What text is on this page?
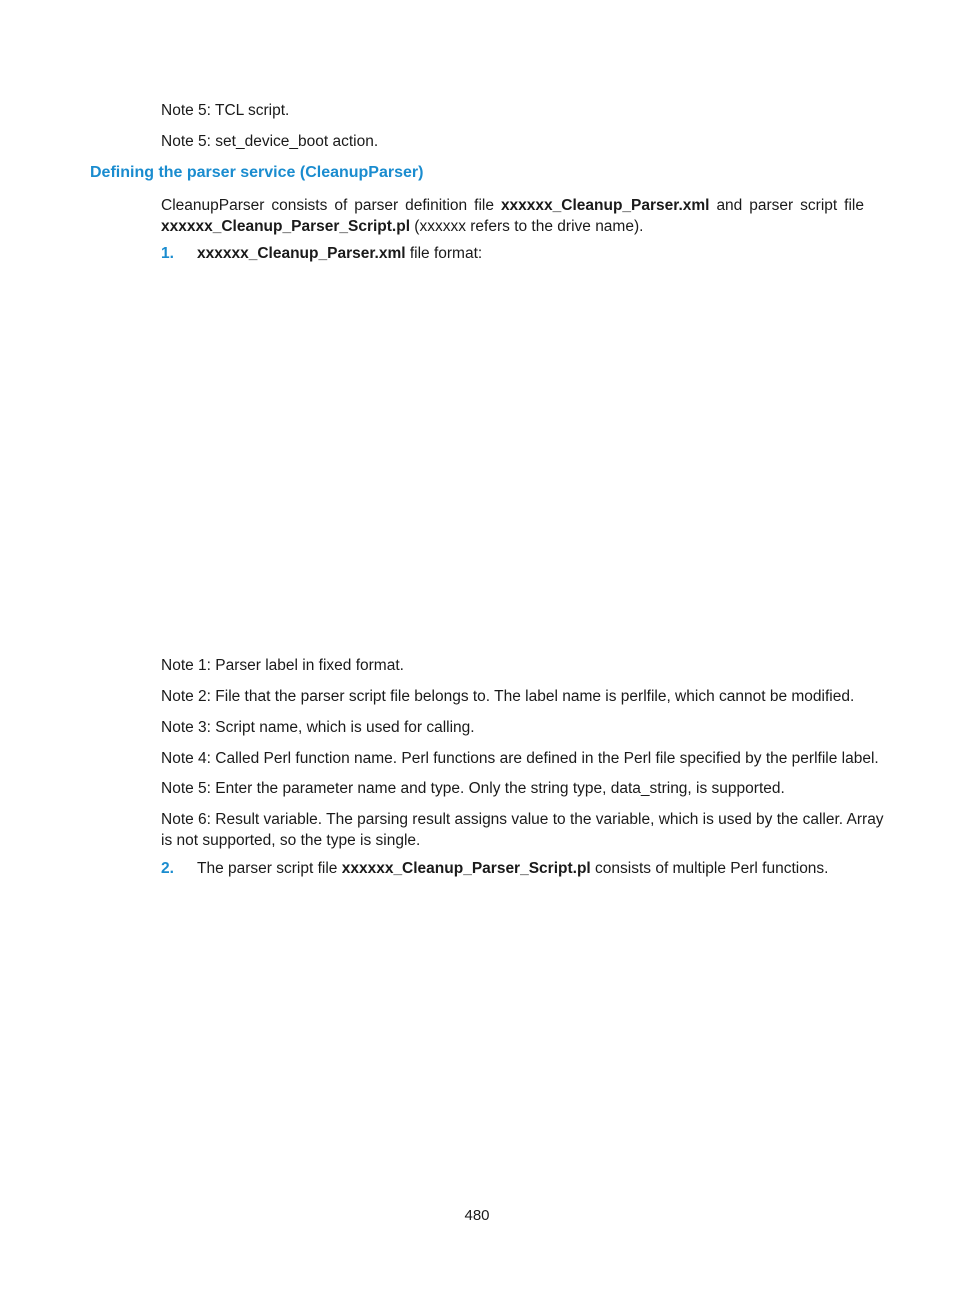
Note 5: TCL script.
Note 5: set_device_boot action.
Defining the parser service (CleanupParser)
CleanupParser consists of parser definition file xxxxxx_Cleanup_Parser.xml and parser script file
xxxxxx_Cleanup_Parser_Script.pl (xxxxxx refers to the drive name).
1. xxxxxx_Cleanup_Parser.xml file format:
Note 1: Parser label in fixed format.
Note 2: File that the parser script file belongs to. The label name is perlfile, which cannot be modified.
Note 3: Script name, which is used for calling.
Note 4: Called Perl function name. Perl functions are defined in the Perl file specified by the perlfile label.
Note 5: Enter the parameter name and type. Only the string type, data_string, is supported.
Note 6: Result variable. The parsing result assigns value to the variable, which is used by the caller. Array
is not supported, so the type is single.
2. The parser script file xxxxxx_Cleanup_Parser_Script.pl consists of multiple Perl functions.
480
